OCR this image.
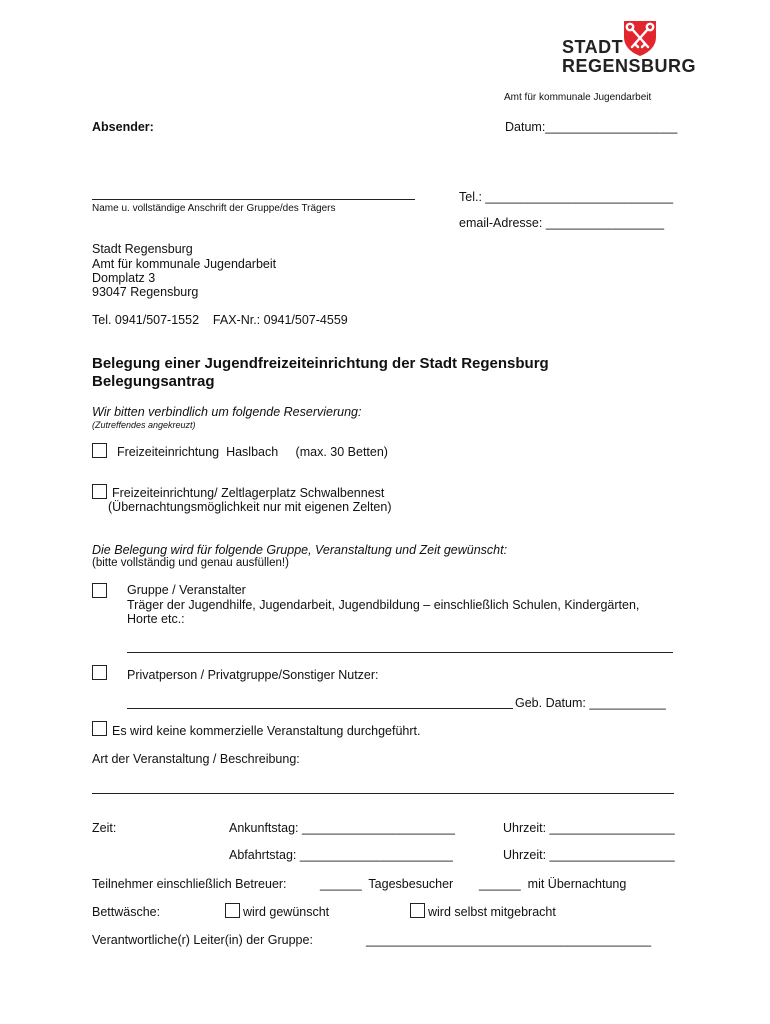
STADT
REGENSBURG
Amt für kommunale Jugendarbeit
Absender:	Datum:___________________
Name u. vollständige Anschrift der Gruppe/des Trägers
Tel.: ___________________________
email-Adresse: _________________
Stadt Regensburg
Amt für kommunale Jugendarbeit
Domplatz 3
93047 Regensburg
Tel. 0941/507-1552    FAX-Nr.: 0941/507-4559
Belegung einer Jugendfreizeiteinrichtung der Stadt Regensburg
Belegungsantrag
Wir bitten verbindlich um folgende Reservierung:
(Zutreffendes angekreuzt)
Freizeiteinrichtung  Haslbach     (max. 30 Betten)
Freizeiteinrichtung/ Zeltlagerplatz Schwalbennest
(Übernachtungsmöglichkeit nur mit eigenen Zelten)
Die Belegung wird für folgende Gruppe, Veranstaltung und Zeit gewünscht:
(bitte vollständig und genau ausfüllen!)
Gruppe / Veranstalter
Träger der Jugendhilfe, Jugendarbeit, Jugendbildung – einschließlich Schulen, Kindergärten,
Horte etc.:
Privatperson / Privatgruppe/Sonstiger Nutzer:
Geb. Datum: ___________
Es wird keine kommerzielle Veranstaltung durchgeführt.
Art der Veranstaltung / Beschreibung:
Zeit:	Ankunftstag: ______________________	Uhrzeit: __________________
Abfahrtstag: ______________________	Uhrzeit: __________________
Teilnehmer einschließlich Betreuer:	______  Tagesbesucher ______  mit Übernachtung
Bettwäsche:	wird gewünscht	wird selbst mitgebracht
Verantwortliche(r) Leiter(in) der Gruppe:	_________________________________________
